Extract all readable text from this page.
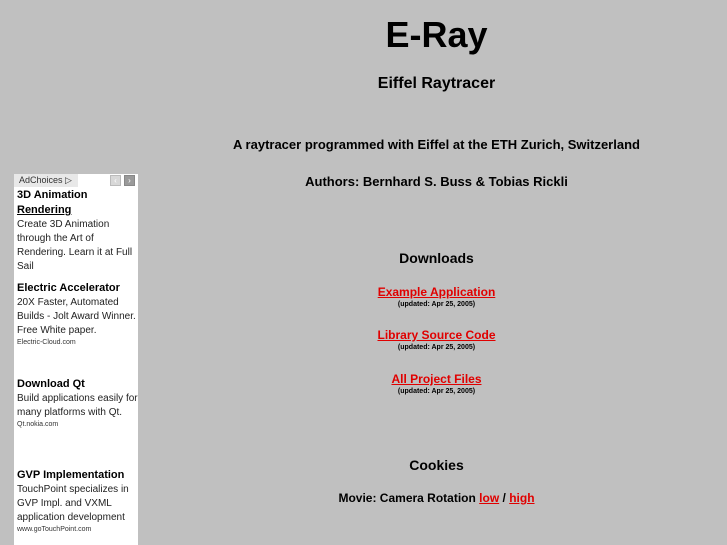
E-Ray
Eiffel Raytracer
A raytracer programmed with Eiffel at the ETH Zurich, Switzerland
Authors: Bernhard S. Buss & Tobias Rickli
Downloads
Example Application
(updated: Apr 25, 2005)
Library Source Code
(updated: Apr 25, 2005)
All Project Files
(updated: Apr 25, 2005)
Cookies
Movie: Camera Rotation low / high
AdChoices ▷	‹	›
3D Animation
Rendering
Create 3D Animation through the Art of Rendering. Learn it at Full Sail
Electric Accelerator
20X Faster, Automated Builds - Jolt Award Winner. Free White paper.
Electric-Cloud.com
Download Qt
Build applications easily for many platforms with Qt.
Qt.nokia.com
GVP Implementation
TouchPoint specializes in GVP Impl. and VXML application development
www.goTouchPoint.com
